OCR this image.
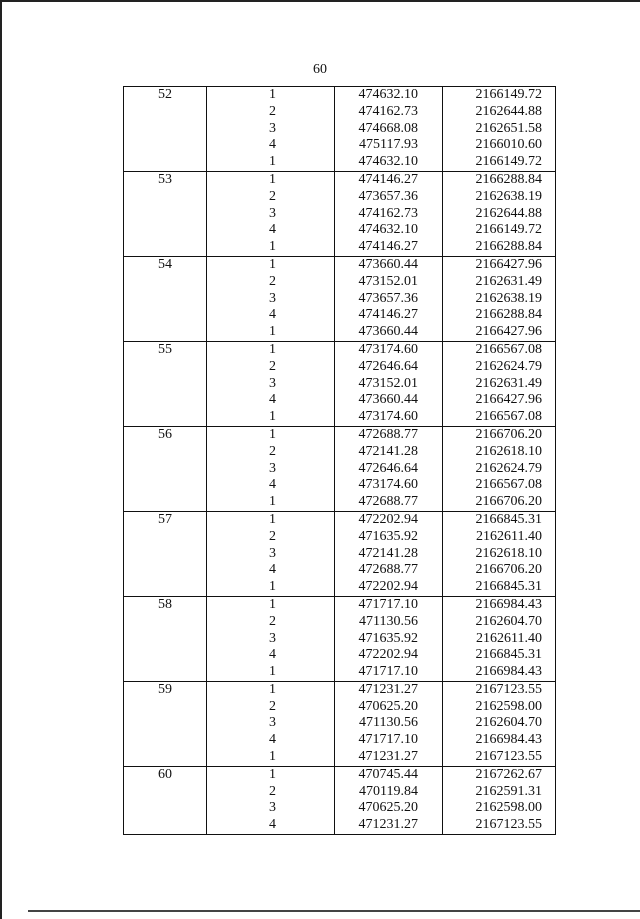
60
52	1	474632.10	2166149.72
	2	474162.73	2162644.88
	3	474668.08	2162651.58
	4	475117.93	2166010.60
	1	474632.10	2166149.72
53	1	474146.27	2166288.84
	2	473657.36	2162638.19
	3	474162.73	2162644.88
	4	474632.10	2166149.72
	1	474146.27	2166288.84
54	1	473660.44	2166427.96
	2	473152.01	2162631.49
	3	473657.36	2162638.19
	4	474146.27	2166288.84
	1	473660.44	2166427.96
55	1	473174.60	2166567.08
	2	472646.64	2162624.79
	3	473152.01	2162631.49
	4	473660.44	2166427.96
	1	473174.60	2166567.08
56	1	472688.77	2166706.20
	2	472141.28	2162618.10
	3	472646.64	2162624.79
	4	473174.60	2166567.08
	1	472688.77	2166706.20
57	1	472202.94	2166845.31
	2	471635.92	2162611.40
	3	472141.28	2162618.10
	4	472688.77	2166706.20
	1	472202.94	2166845.31
58	1	471717.10	2166984.43
	2	471130.56	2162604.70
	3	471635.92	2162611.40
	4	472202.94	2166845.31
	1	471717.10	2166984.43
59	1	471231.27	2167123.55
	2	470625.20	2162598.00
	3	471130.56	2162604.70
	4	471717.10	2166984.43
	1	471231.27	2167123.55
60	1	470745.44	2167262.67
	2	470119.84	2162591.31
	3	470625.20	2162598.00
	4	471231.27	2167123.55
